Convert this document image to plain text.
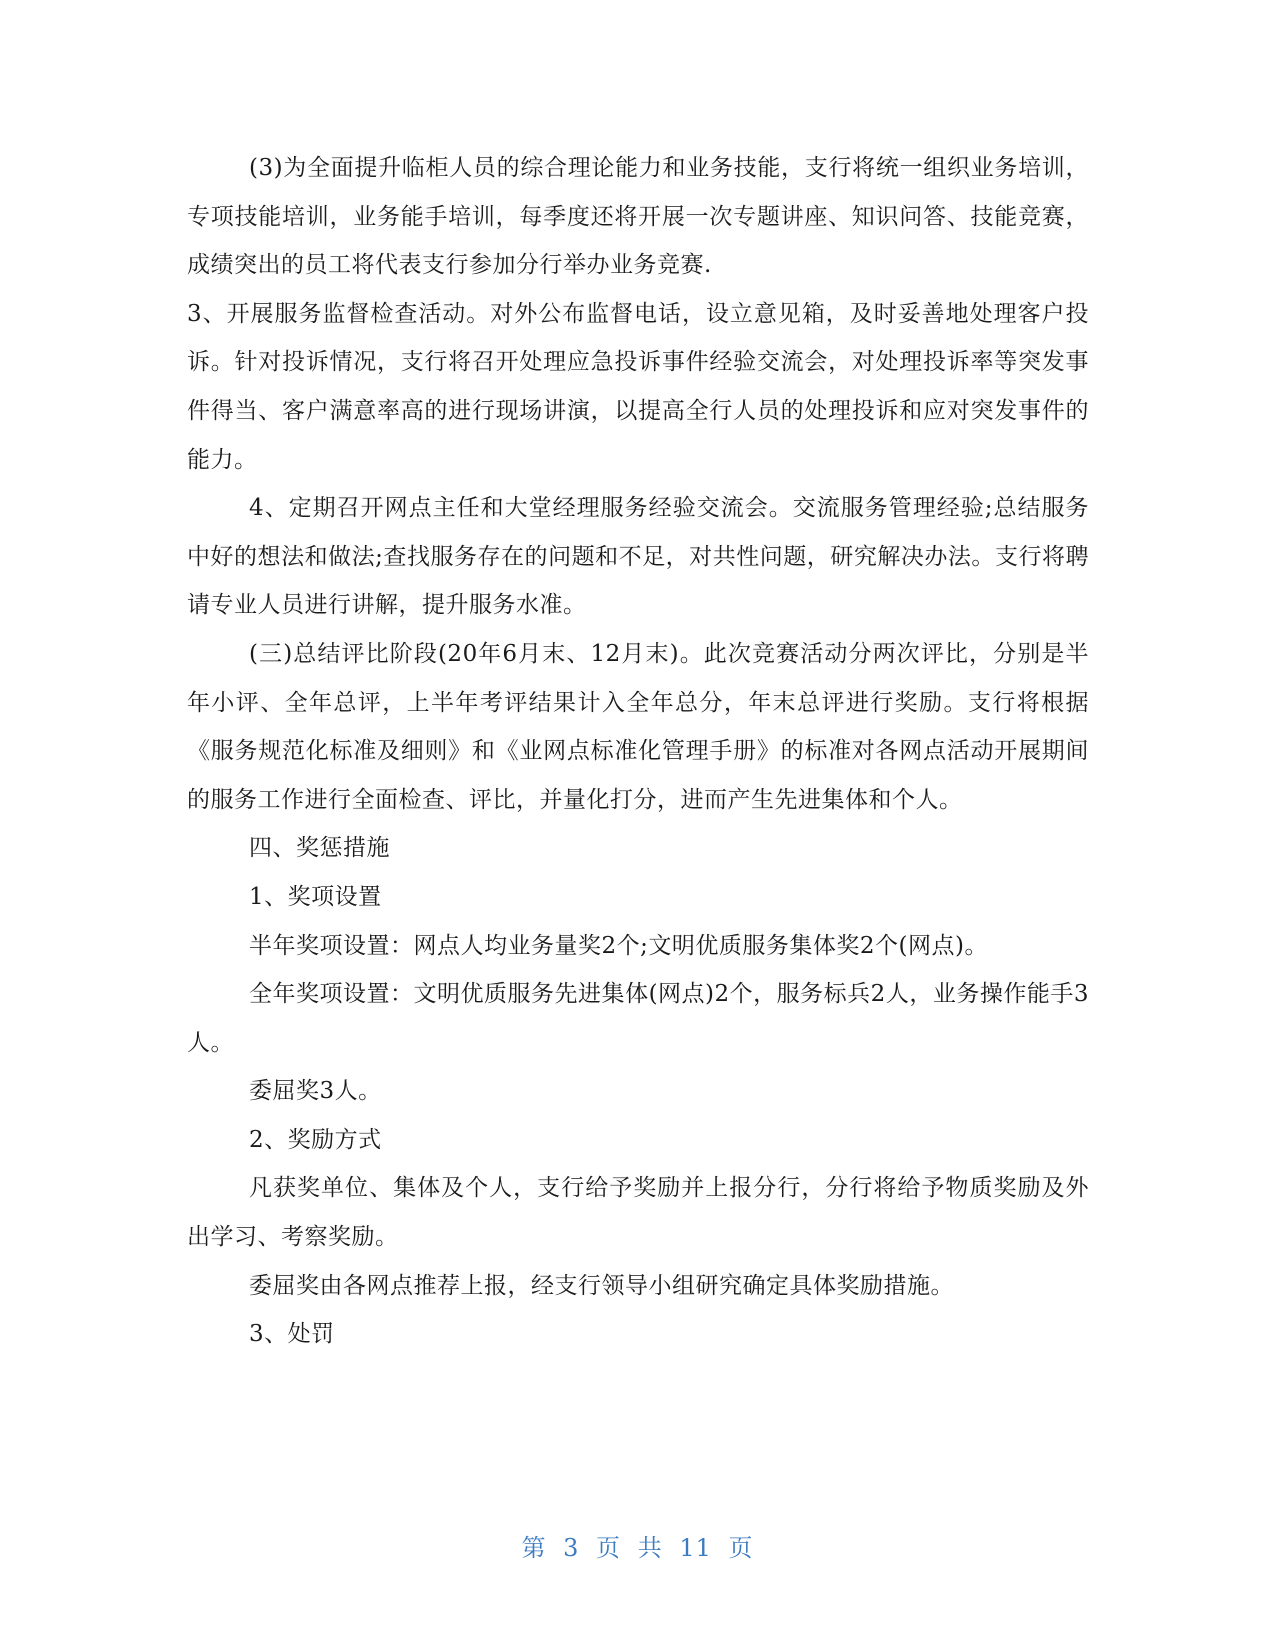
(3)为全面提升临柜人员的综合理论能力和业务技能，支行将统一组织业务培训，专项技能培训，业务能手培训，每季度还将开展一次专题讲座、知识问答、技能竞赛，成绩突出的员工将代表支行参加分行举办业务竞赛.

3、开展服务监督检查活动。对外公布监督电话，设立意见箱，及时妥善地处理客户投诉。针对投诉情况，支行将召开处理应急投诉事件经验交流会，对处理投诉率等突发事件得当、客户满意率高的进行现场讲演，以提高全行人员的处理投诉和应对突发事件的能力。

4、定期召开网点主任和大堂经理服务经验交流会。交流服务管理经验;总结服务中好的想法和做法;查找服务存在的问题和不足，对共性问题，研究解决办法。支行将聘请专业人员进行讲解，提升服务水准。

(三)总结评比阶段(20年6月末、12月末)。此次竞赛活动分两次评比，分别是半年小评、全年总评，上半年考评结果计入全年总分，年末总评进行奖励。支行将根据《服务规范化标准及细则》和《业网点标准化管理手册》的标准对各网点活动开展期间的服务工作进行全面检查、评比，并量化打分，进而产生先进集体和个人。

四、奖惩措施

1、奖项设置

半年奖项设置：网点人均业务量奖2个;文明优质服务集体奖2个(网点)。

全年奖项设置：文明优质服务先进集体(网点)2个，服务标兵2人，业务操作能手3人。

委屈奖3人。

2、奖励方式

凡获奖单位、集体及个人，支行给予奖励并上报分行，分行将给予物质奖励及外出学习、考察奖励。

委屈奖由各网点推荐上报，经支行领导小组研究确定具体奖励措施。

3、处罚

第 3 页 共 11 页
